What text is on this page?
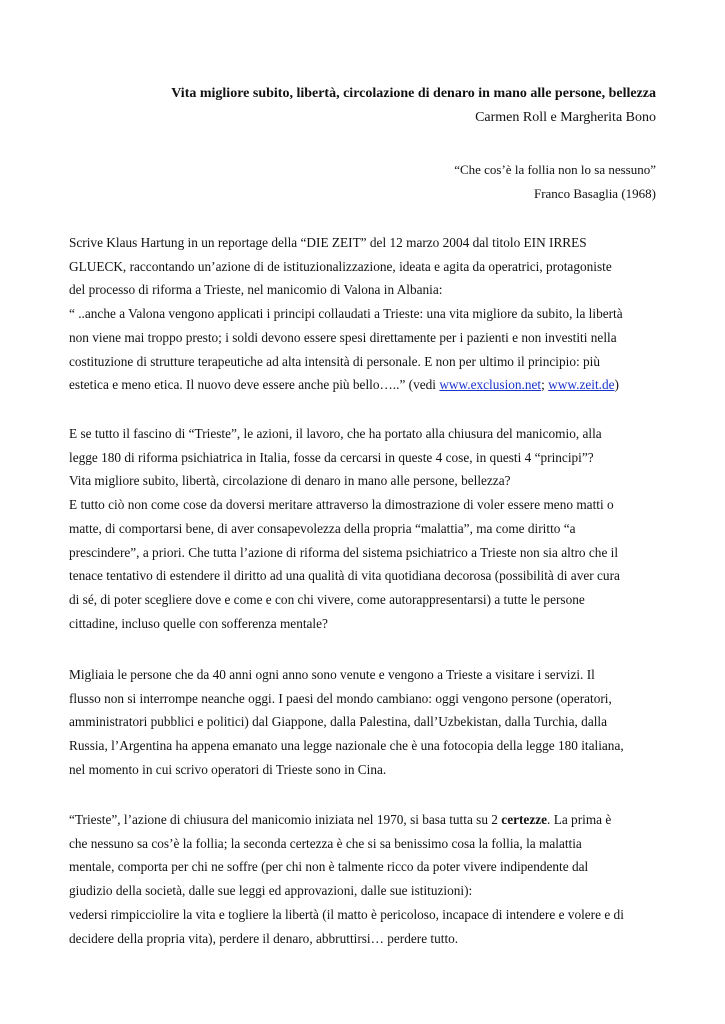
Vita migliore subito, libertà, circolazione di denaro in mano alle persone, bellezza
Carmen Roll e Margherita Bono
“Che cos’è la follia non lo sa nessuno”
Franco Basaglia (1968)
Scrive Klaus Hartung in un reportage della “DIE ZEIT” del 12 marzo 2004 dal titolo EIN IRRES
GLUECK, raccontando un’azione di de istituzionalizzazione, ideata e agita da operatrici, protagoniste
del processo di riforma a Trieste, nel manicomio di Valona in Albania:
“ ..anche a Valona vengono applicati i principi collaudati a Trieste: una vita migliore da subito, la libertà
non viene mai troppo presto; i soldi devono essere spesi direttamente per i pazienti e non investiti nella
costituzione di strutture terapeutiche ad alta intensità di personale. E non per ultimo il principio: più
estetica e meno etica. Il nuovo deve essere anche più bello…..” (vedi www.exclusion.net; www.zeit.de)
E se tutto il fascino di “Trieste”, le azioni, il lavoro, che ha portato alla chiusura del manicomio, alla
legge 180 di riforma psichiatrica in Italia, fosse da cercarsi in queste 4 cose, in questi 4 “principi”?
Vita migliore subito, libertà, circolazione di denaro in mano alle persone, bellezza?
E tutto ciò non come cose da doversi meritare attraverso la dimostrazione di voler essere meno matti o
matte, di comportarsi bene, di aver consapevolezza della propria “malattia”, ma come diritto “a
prescindere”, a priori. Che tutta l’azione di riforma del sistema psichiatrico a Trieste non sia altro che il
tenace tentativo di estendere il diritto ad una qualità di vita quotidiana decorosa (possibilità di aver cura
di sé, di poter scegliere dove e come e con chi vivere, come autorappresentarsi) a tutte le persone
cittadine, incluso quelle con sofferenza mentale?
Migliaia le persone che da 40 anni ogni anno sono venute e vengono a Trieste a visitare i servizi. Il
flusso non si interrompe neanche oggi. I paesi del mondo cambiano: oggi vengono persone (operatori,
amministratori pubblici e politici) dal Giappone, dalla Palestina, dall’Uzbekistan, dalla Turchia, dalla
Russia, l’Argentina ha appena emanato una legge nazionale che è una fotocopia della legge 180 italiana,
nel momento in cui scrivo operatori di Trieste sono in Cina.
“Trieste”, l’azione di chiusura del manicomio iniziata nel 1970, si basa tutta su 2 certezze. La prima è
che nessuno sa cos’è la follia; la seconda certezza è che si sa benissimo cosa la follia, la malattia
mentale, comporta per chi ne soffre (per chi non è talmente ricco da poter vivere indipendente dal
giudizio della società, dalle sue leggi ed approvazioni, dalle sue istituzioni):
vedersi rimpicciolire la vita e togliere la libertà (il matto è pericoloso, incapace di intendere e volere e di
decidere della propria vita), perdere il denaro, abbruttirsi… perdere tutto.
